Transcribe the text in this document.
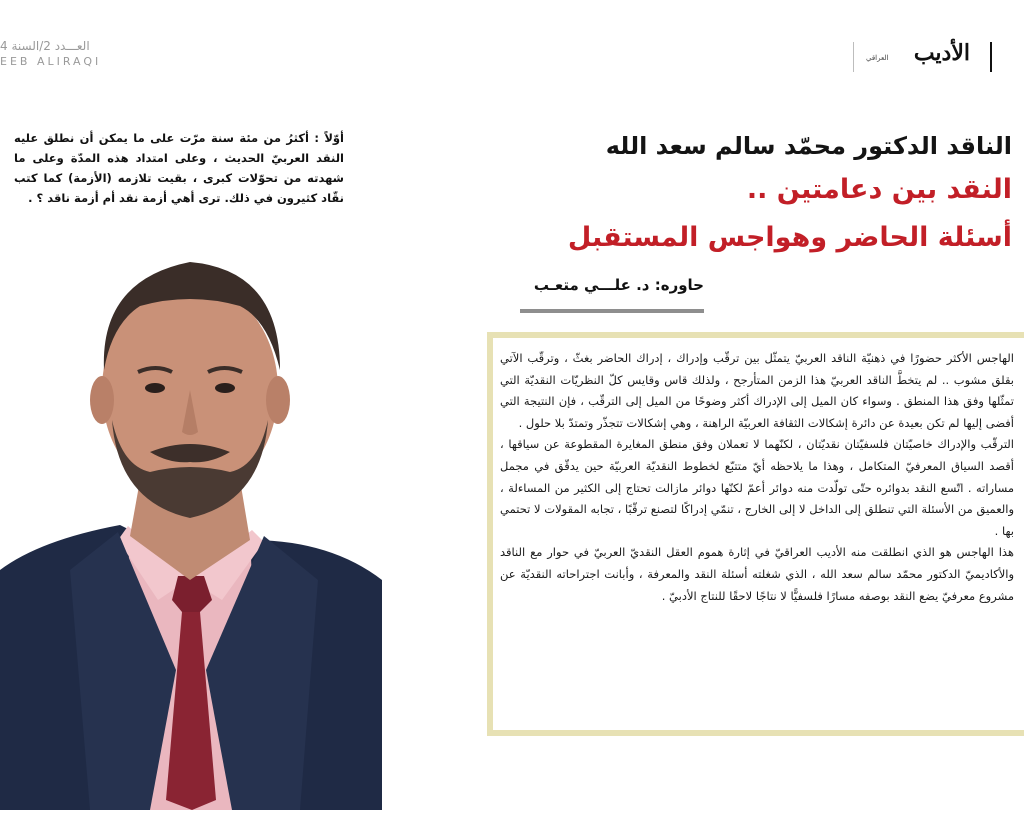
العـــدد 2/السنة 4
EEB ALIRAQI	الأديب
العراقي
أوّلاً : أكثرُ من مئة سنة مرّت على ما يمكن أن نطلق عليه النقد العربيّ الحديث ، وعلى امتداد هذه المدّة وعلى ما شهدته من تحوّلات كبرى ، بقيت تلازمه (الأزمة) كما كتب نقّاد كثيرون في ذلك. ترى أهي أزمة نقد أم أزمة ناقد ؟ .
الناقد الدكتور محمّد سالم سعد الله
النقد بين دعامتين ..
أسئلة الحاضر وهواجس المستقبل
حاوره: د. علـــي متعـب

الهاجس الأكثر حضورًا في ذهنيّة الناقد العربيّ يتمثّل بين ترقّب وإدراك ، إدراك الحاضر بغثّ ، وترقّب الآتي بقلق مشوب .. لم يتخطَّ الناقد العربيّ هذا الزمن المتأرجح ، ولذلك قاس وقايس كلّ النظريّات النقديّة التي تمثّلها وفق هذا المنطق . وسواء كان الميل إلى الإدراك أكثر وضوحًا من الميل إلى الترقّب ، فإن النتيجة التي أفضى إليها لم تكن بعيدة عن دائرة إشكالات الثقافة العربيّة الراهنة ، وهي إشكالات تتجذّر وتمتدّ بلا حلول .

الترقّب والإدراك خاصيّتان فلسفيّتان نقديّتان ، لكنّهما لا تعملان وفق منطق المغايرة المقطوعة عن سياقها ، أقصد السياق المعرفيّ المتكامل ، وهذا ما يلاحظه أيّ متتبّع لخطوط النقديّة العربيّة حين يدقّق في مجمل مساراته . اتّسع النقد بدوائره حتّى تولّدت منه دوائر أعمّ لكنّها دوائر مازالت تحتاج إلى الكثير من المساءلة ، والعميق من الأسئلة التي تنطلق إلى الداخل لا إلى الخارج ، تنمّي إدراكًا لتصنع ترقّبًا ، تجابه المقولات لا تحتمي بها .

هذا الهاجس هو الذي انطلقت منه الأديب العراقيّ في إثارة هموم العقل النقديّ العربيّ في حوار مع الناقد والأكاديميّ الدكتور محمّد سالم سعد الله ، الذي شغلته أسئلة النقد والمعرفة ، وأبانت اجتراحاته النقديّة عن مشروع معرفيّ يضع النقد بوصفه مسارًا فلسفيًّا لا نتاجًا لاحقًا للنتاج الأدبيّ .
